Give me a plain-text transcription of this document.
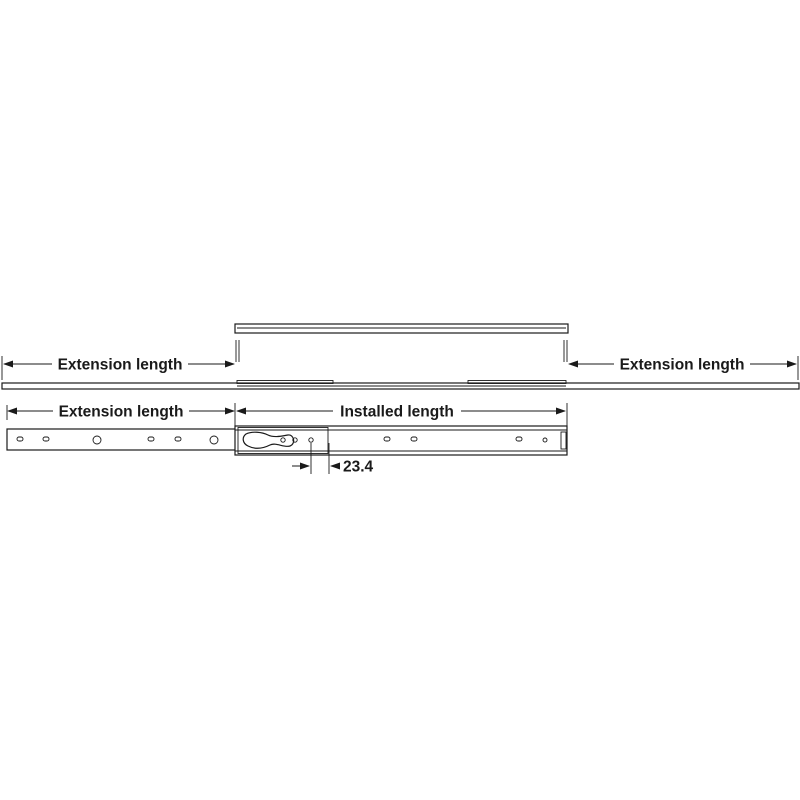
Extension length	Extension length
Extension length	Installed length
23.4
